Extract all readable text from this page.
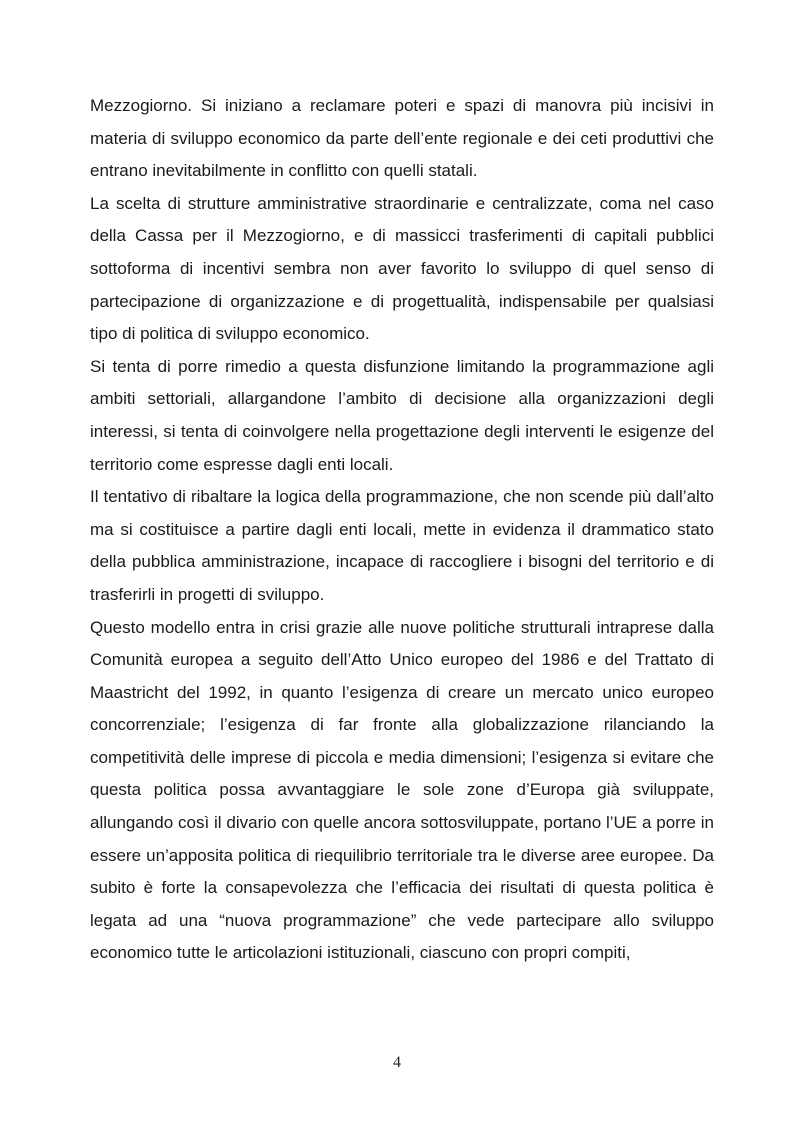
Mezzogiorno. Si iniziano a reclamare poteri e spazi di manovra più incisivi in materia di sviluppo economico da parte dell’ente regionale e dei ceti produttivi che entrano inevitabilmente in conflitto con quelli statali.

La scelta di strutture amministrative straordinarie e centralizzate, coma nel caso della Cassa per il Mezzogiorno, e di massicci trasferimenti di capitali pubblici sottoforma di incentivi sembra non aver favorito lo sviluppo di quel senso di partecipazione di organizzazione e di progettualità, indispensabile per qualsiasi tipo di politica di sviluppo economico.

Si tenta di porre rimedio a questa disfunzione limitando la programmazione agli ambiti settoriali, allargandone l’ambito di decisione alla organizzazioni degli interessi, si tenta di coinvolgere nella progettazione degli interventi le esigenze del territorio come espresse dagli enti locali.

Il tentativo di ribaltare la logica della programmazione, che non scende più dall’alto ma si costituisce a partire dagli enti locali, mette in evidenza il drammatico stato della pubblica amministrazione, incapace di raccogliere i bisogni del territorio e di trasferirli in progetti di sviluppo.

Questo modello entra in crisi grazie alle nuove politiche strutturali intraprese dalla Comunità europea a seguito dell’Atto Unico europeo del 1986 e del Trattato di Maastricht del 1992, in quanto l’esigenza di creare un mercato unico europeo concorrenziale; l’esigenza di far fronte alla globalizzazione rilanciando la competitività delle imprese di piccola e media dimensioni; l’esigenza si evitare che questa politica possa avvantaggiare le sole zone d’Europa già sviluppate, allungando così il divario con quelle ancora sottosviluppate, portano l’UE a porre in essere un’apposita politica di riequilibrio territoriale tra le diverse aree europee. Da subito è forte la consapevolezza che l’efficacia dei risultati di questa politica è legata ad una “nuova programmazione” che vede partecipare allo sviluppo economico tutte le articolazioni istituzionali, ciascuno con propri compiti,

4
